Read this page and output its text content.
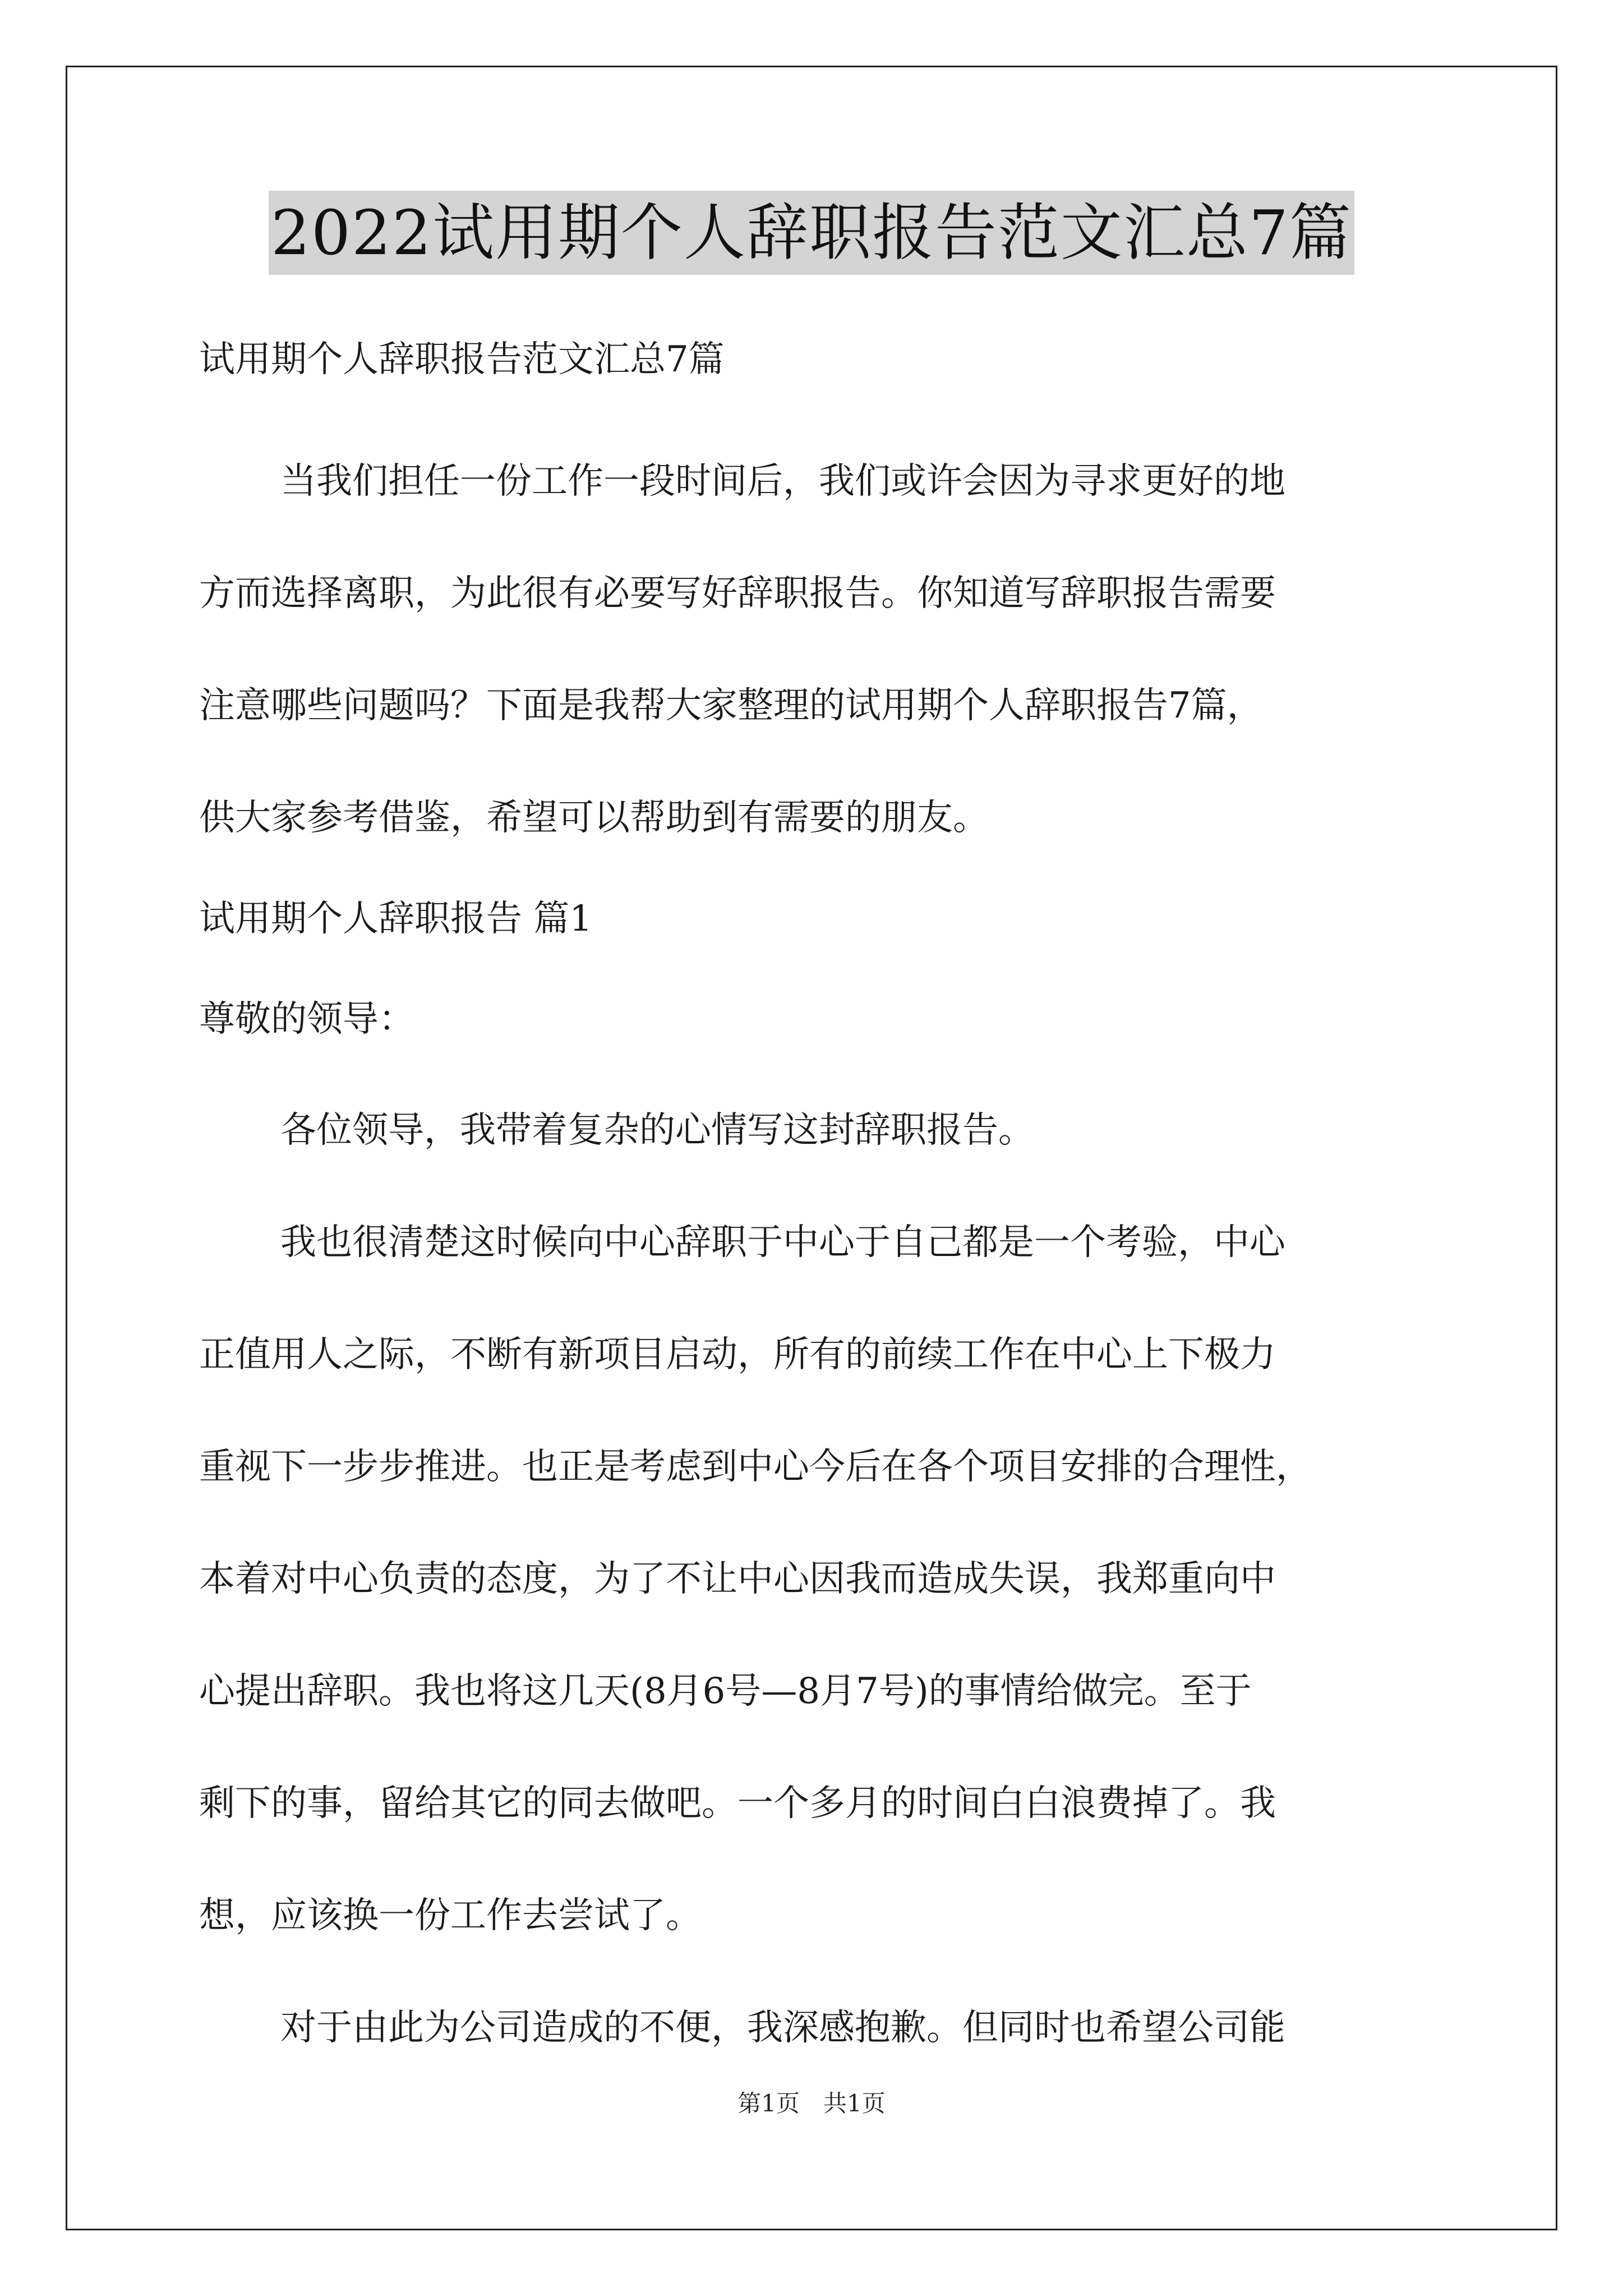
2022试用期个人辞职报告范文汇总7篇
试用期个人辞职报告范文汇总7篇
当我们担任一份工作一段时间后，我们或许会因为寻求更好的地
方而选择离职，为此很有必要写好辞职报告。你知道写辞职报告需要
注意哪些问题吗？下面是我帮大家整理的试用期个人辞职报告7篇，
供大家参考借鉴，希望可以帮助到有需要的朋友。
试用期个人辞职报告 篇1
尊敬的领导：
各位领导，我带着复杂的心情写这封辞职报告。
我也很清楚这时候向中心辞职于中心于自己都是一个考验，中心
正值用人之际，不断有新项目启动，所有的前续工作在中心上下极力
重视下一步步推进。也正是考虑到中心今后在各个项目安排的合理性，
本着对中心负责的态度，为了不让中心因我而造成失误，我郑重向中
心提出辞职。我也将这几天(8月6号—8月7号)的事情给做完。至于
剩下的事，留给其它的同去做吧。一个多月的时间白白浪费掉了。我
想，应该换一份工作去尝试了。
对于由此为公司造成的不便，我深感抱歉。但同时也希望公司能
第1页　共1页
